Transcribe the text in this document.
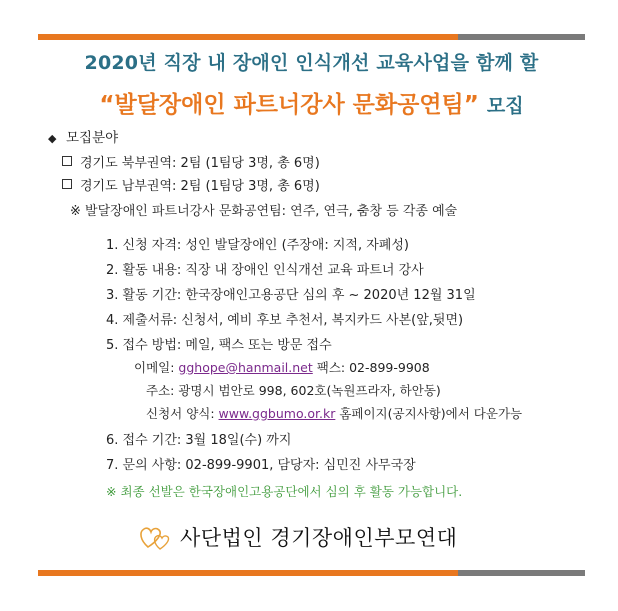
2020년 직장 내 장애인 인식개선 교육사업을 함께 할
“발달장애인 파트너강사 문화공연팀” 모집
◆ 모집분야
경기도 북부권역: 2팀 (1팀당 3명, 총 6명)
경기도 남부권역: 2팀 (1팀당 3명, 총 6명)
※ 발달장애인 파트너강사 문화공연팀: 연주, 연극, 춤창 등 각종 예술
1. 신청 자격: 성인 발달장애인 (주장애: 지적, 자폐성)
2. 활동 내용: 직장 내 장애인 인식개선 교육 파트너 강사
3. 활동 기간: 한국장애인고용공단 심의 후 ~ 2020년 12월 31일
4. 제출서류: 신청서, 예비 후보 추천서, 복지카드 사본(앞,뒷면)
5. 접수 방법: 메일, 팩스 또는 방문 접수
이메일: gghope@hanmail.net 팩스: 02-899-9908
주소: 광명시 범안로 998, 602호(녹원프라자, 하안동)
신청서 양식: www.ggbumo.or.kr 홈페이지(공지사항)에서 다운가능
6. 접수 기간: 3월 18일(수) 까지
7. 문의 사항: 02-899-9901, 담당자: 심민진 사무국장
※ 최종 선발은 한국장애인고용공단에서 심의 후 활동 가능합니다.
사단법인 경기장애인부모연대
